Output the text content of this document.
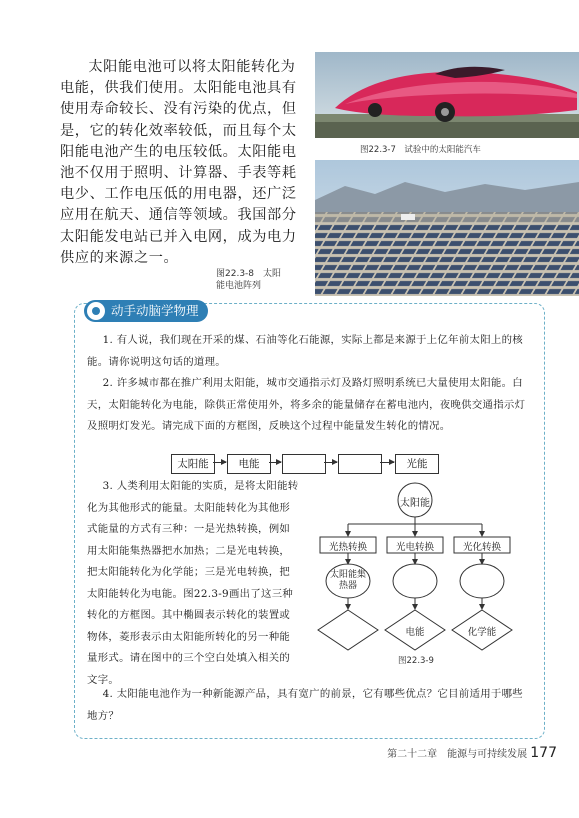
太阳能电池可以将太阳能转化为电能，供我们使用。太阳能电池具有使用寿命较长、没有污染的优点，但是，它的转化效率较低，而且每个太阳能电池产生的电压较低。太阳能电池不仅用于照明、计算器、手表等耗电少、工作电压低的用电器，还广泛应用在航天、通信等领域。我国部分太阳能发电站已并入电网，成为电力供应的来源之一。
图22.3-7　试验中的太阳能汽车
图22.3-8　太阳
能电池阵列
动手动脑学物理
1. 有人说，我们现在开采的煤、石油等化石能源，实际上都是来源于上亿年前太阳上的核能。请你说明这句话的道理。
2. 许多城市都在推广利用太阳能，城市交通指示灯及路灯照明系统已大量使用太阳能。白天，太阳能转化为电能，除供正常使用外，将多余的能量储存在蓄电池内，夜晚供交通指示灯及照明灯发光。请完成下面的方框图，反映这个过程中能量发生转化的情况。
太阳能	电能	光能
3. 人类利用太阳能的实质，是将太阳能转化为其他形式的能量。太阳能转化为其他形式能量的方式有三种：一是光热转换，例如用太阳能集热器把水加热；二是光电转换，把太阳能转化为化学能；三是光电转换，把太阳能转化为电能。图22.3-9画出了这三种转化的方框图。其中椭圆表示转化的装置或物体，菱形表示由太阳能所转化的另一种能量形式。请在图中的三个空白处填入相关的文字。
太阳能
光热转换	光电转换	光化转换
太阳能集热器
电能	化学能
图22.3-9
4. 太阳能电池作为一种新能源产品，具有宽广的前景，它有哪些优点？它目前适用于哪些地方？
第二十二章　能源与可持续发展 177
